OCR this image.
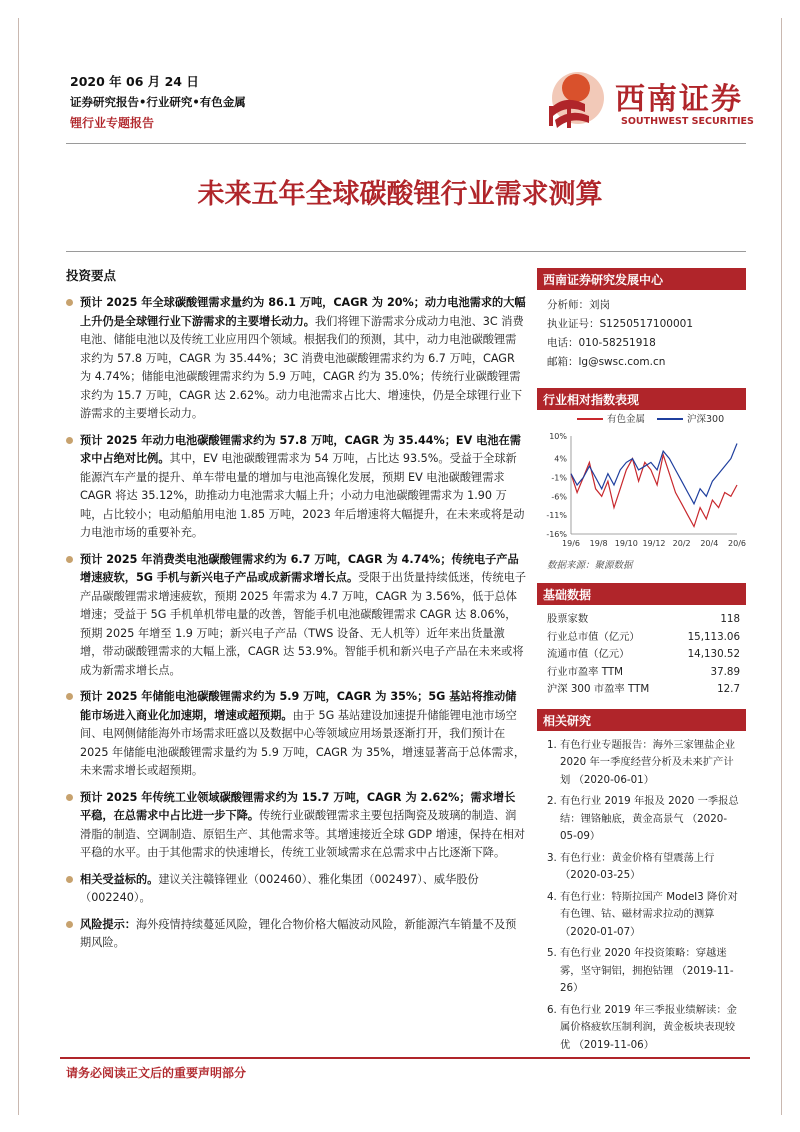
2020 年 06 月 24 日
证券研究报告•行业研究•有色金属
锂行业专题报告
西南证券
SOUTHWEST SECURITIES
未来五年全球碳酸锂行业需求测算
投资要点
预计 2025 年全球碳酸锂需求量约为 86.1 万吨，CAGR 为 20%；动力电池需求的大幅上升仍是全球锂行业下游需求的主要增长动力。我们将锂下游需求分成动力电池、3C 消费电池、储能电池以及传统工业应用四个领域。根据我们的预测，其中，动力电池碳酸锂需求约为 57.8 万吨，CAGR 为 35.44%；3C 消费电池碳酸锂需求约为 6.7 万吨，CAGR 为 4.74%；储能电池碳酸锂需求约为 5.9 万吨，CAGR 约为 35.0%；传统行业碳酸锂需求约为 15.7 万吨，CAGR 达 2.62%。动力电池需求占比大、增速快，仍是全球锂行业下游需求的主要增长动力。
预计 2025 年动力电池碳酸锂需求约为 57.8 万吨，CAGR 为 35.44%；EV 电池在需求中占绝对比例。其中，EV 电池碳酸锂需求为 54 万吨，占比达 93.5%。受益于全球新能源汽车产量的提升、单车带电量的增加与电池高镍化发展，预期 EV 电池碳酸锂需求 CAGR 将达 35.12%，助推动力电池需求大幅上升；小动力电池碳酸锂需求为 1.90 万吨，占比较小；电动船舶用电池 1.85 万吨，2023 年后增速将大幅提升，在未来或将是动力电池市场的重要补充。
预计 2025 年消费类电池碳酸锂需求约为 6.7 万吨，CAGR 为 4.74%；传统电子产品增速疲软，5G 手机与新兴电子产品或成新需求增长点。受限于出货量持续低迷，传统电子产品碳酸锂需求增速疲软，预期 2025 年需求为 4.7 万吨，CAGR 为 3.56%，低于总体增速；受益于 5G 手机单机带电量的改善，智能手机电池碳酸锂需求 CAGR 达 8.06%，预期 2025 年增至 1.9 万吨；新兴电子产品（TWS 设备、无人机等）近年来出货量激增，带动碳酸锂需求的大幅上涨，CAGR 达 53.9%。智能手机和新兴电子产品在未来或将成为新需求增长点。
预计 2025 年储能电池碳酸锂需求约为 5.9 万吨，CAGR 为 35%；5G 基站将推动储能市场进入商业化加速期，增速或超预期。由于 5G 基站建设加速提升储能锂电池市场空间、电网侧储能海外市场需求旺盛以及数据中心等领域应用场景逐渐打开，我们预计在 2025 年储能电池碳酸锂需求量约为 5.9 万吨，CAGR 为 35%，增速显著高于总体需求，未来需求增长或超预期。
预计 2025 年传统工业领域碳酸锂需求约为 15.7 万吨，CAGR 为 2.62%；需求增长平稳，在总需求中占比进一步下降。传统行业碳酸锂需求主要包括陶瓷及玻璃的制造、润滑脂的制造、空调制造、原铝生产、其他需求等。其增速接近全球 GDP 增速，保持在相对平稳的水平。由于其他需求的快速增长，传统工业领域需求在总需求中占比逐渐下降。
相关受益标的。建议关注赣锋锂业（002460）、雅化集团（002497）、威华股份（002240）。
风险提示：海外疫情持续蔓延风险，锂化合物价格大幅波动风险，新能源汽车销量不及预期风险。
西南证券研究发展中心
分析师：刘岗
执业证号：S1250517100001
电话：010-58251918
邮箱：lg@swsc.com.cn
行业相对指数表现
有色金属	沪深300
10%
4%
-1%
-6%
-11%
-16%
19/6 19/8 19/10 19/12 20/2 20/4 20/6
数据来源：聚源数据
基础数据
股票家数	118
行业总市值（亿元）	15,113.06
流通市值（亿元）	14,130.52
行业市盈率 TTM	37.89
沪深 300 市盈率 TTM	12.7
相关研究
1. 有色行业专题报告：海外三家锂盐企业 2020 年一季度经营分析及未来扩产计划 （2020-06-01）
2. 有色行业 2019 年报及 2020 一季报总结：锂铬触底，黄金高景气 （2020-05-09）
3. 有色行业：黄金价格有望震荡上行 （2020-03-25）
4. 有色行业：特斯拉国产 Model3 降价对有色锂、钴、磁材需求拉动的测算 （2020-01-07）
5. 有色行业 2020 年投资策略：穿越迷雾，坚守铜铝，拥抱钴锂 （2019-11-26）
6. 有色行业 2019 年三季报业绩解读：金属价格疲软压制利润，黄金板块表现较优 （2019-11-06）
请务必阅读正文后的重要声明部分
